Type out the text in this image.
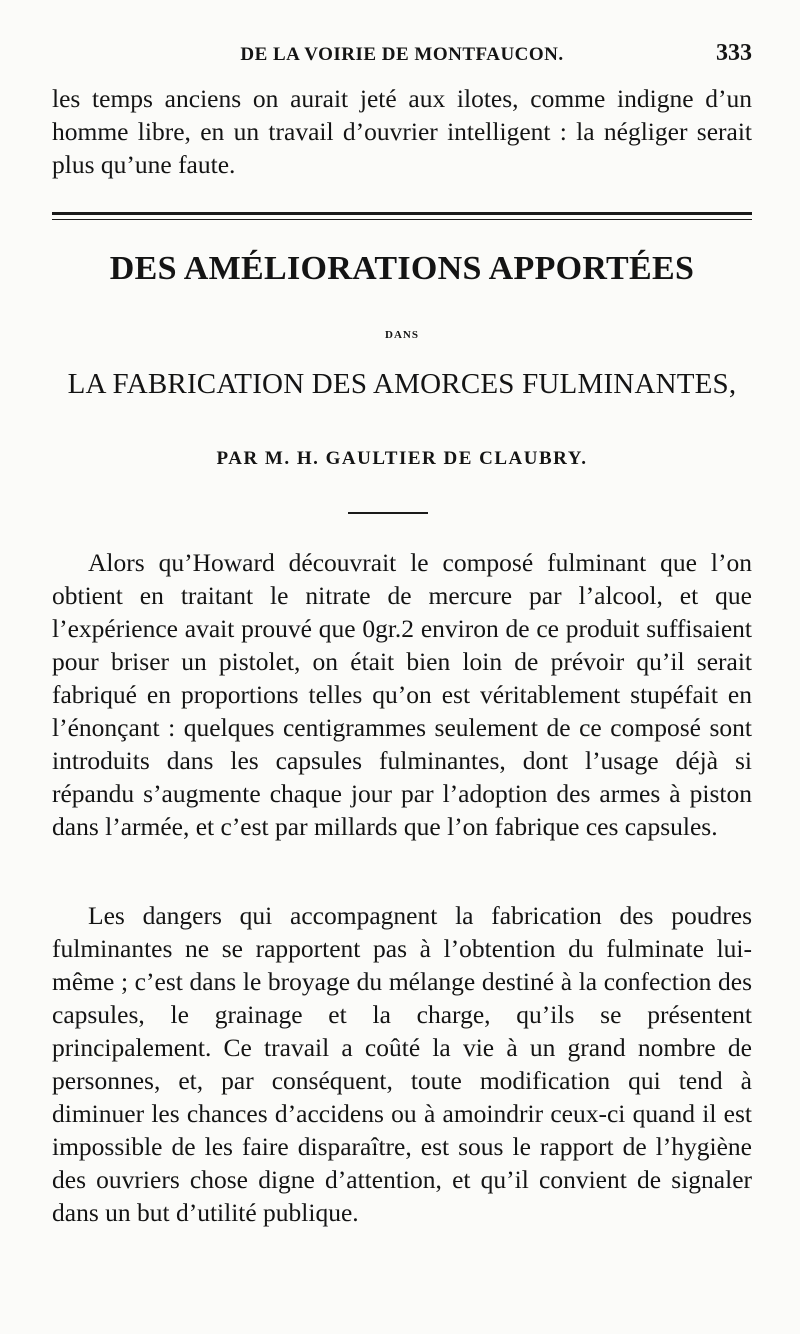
DE LA VOIRIE DE MONTFAUCON.	333
les temps anciens on aurait jeté aux ilotes, comme indigne d’un homme libre, en un travail d’ouvrier intelligent : la négliger serait plus qu’une faute.
DES AMÉLIORATIONS APPORTÉES
DANS
LA FABRICATION DES AMORCES FULMINANTES,
PAR M. H. GAULTIER DE CLAUBRY.
Alors qu’Howard découvrait le composé fulminant que l’on obtient en traitant le nitrate de mercure par l’alcool, et que l’expérience avait prouvé que 0gr.2 environ de ce produit suffisaient pour briser un pistolet, on était bien loin de prévoir qu’il serait fabriqué en proportions telles qu’on est véritablement stupéfait en l’énonçant : quelques centigrammes seulement de ce composé sont introduits dans les capsules fulminantes, dont l’usage déjà si répandu s’augmente chaque jour par l’adoption des armes à piston dans l’armée, et c’est par millards que l’on fabrique ces capsules.
Les dangers qui accompagnent la fabrication des poudres fulminantes ne se rapportent pas à l’obtention du fulminate lui-même ; c’est dans le broyage du mélange destiné à la confection des capsules, le grainage et la charge, qu’ils se présentent principalement. Ce travail a coûté la vie à un grand nombre de personnes, et, par conséquent, toute modification qui tend à diminuer les chances d’accidens ou à amoindrir ceux-ci quand il est impossible de les faire disparaître, est sous le rapport de l’hygiène des ouvriers chose digne d’attention, et qu’il convient de signaler dans un but d’utilité publique.
